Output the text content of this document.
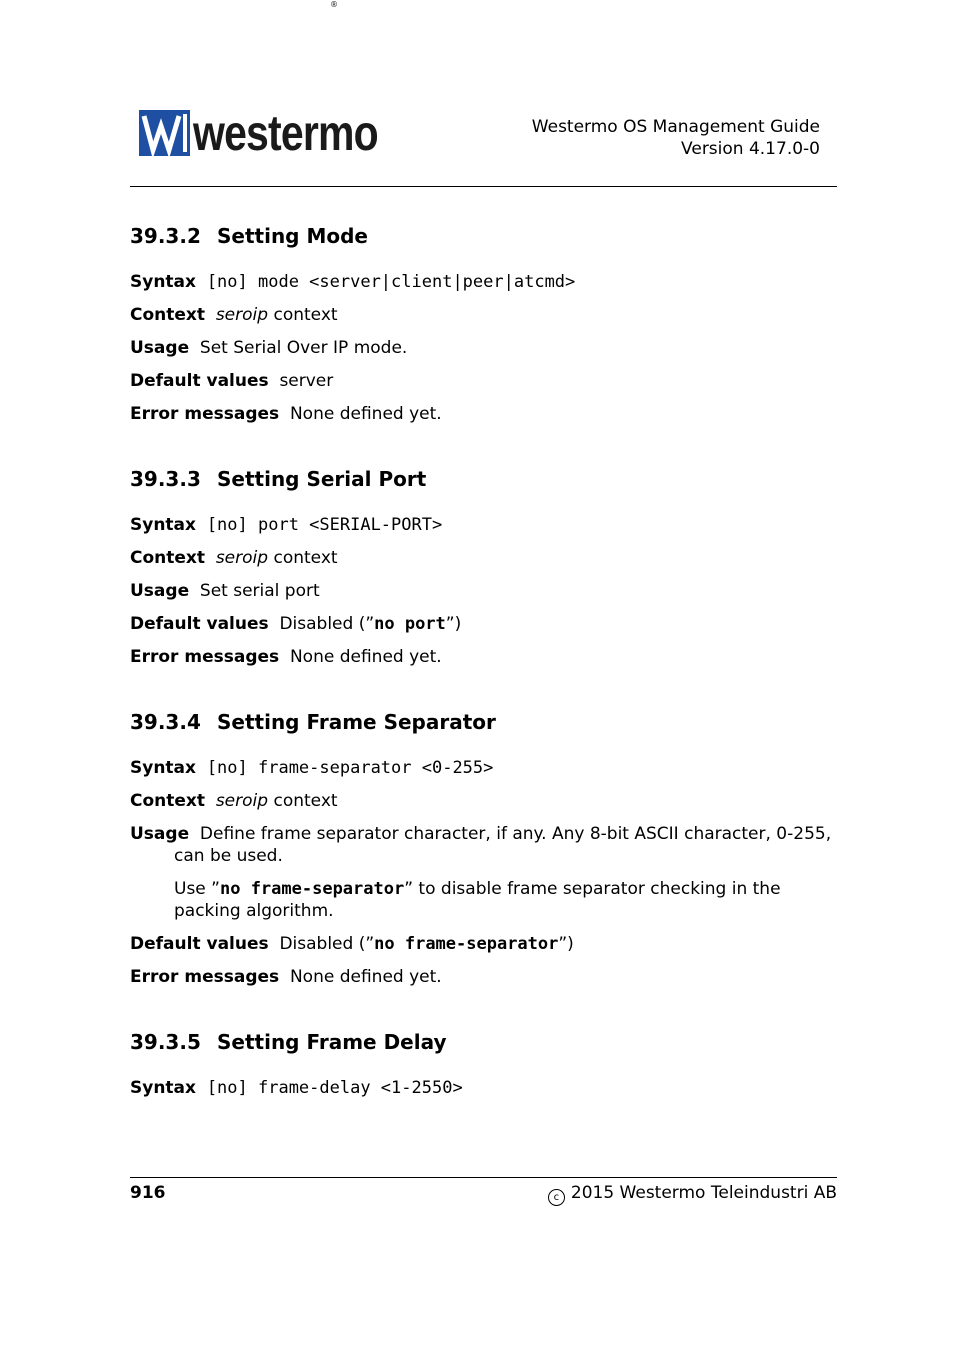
westermo
®
Westermo OS Management Guide
Version 4.17.0-0
39.3.2 Setting Mode
Syntax [no] mode <server|client|peer|atcmd>
Context seroip context
Usage Set Serial Over IP mode.
Default values server
Error messages None defined yet.
39.3.3 Setting Serial Port
Syntax [no] port <SERIAL-PORT>
Context seroip context
Usage Set serial port
Default values Disabled (”no port”)
Error messages None defined yet.
39.3.4 Setting Frame Separator
Syntax [no] frame-separator <0-255>
Context seroip context
Usage Define frame separator character, if any. Any 8-bit ASCII character, 0-255, can be used.
Use ”no frame-separator” to disable frame separator checking in the packing algorithm.
Default values Disabled (”no frame-separator”)
Error messages None defined yet.
39.3.5 Setting Frame Delay
Syntax [no] frame-delay <1-2550>
916	c 2015 Westermo Teleindustri AB
